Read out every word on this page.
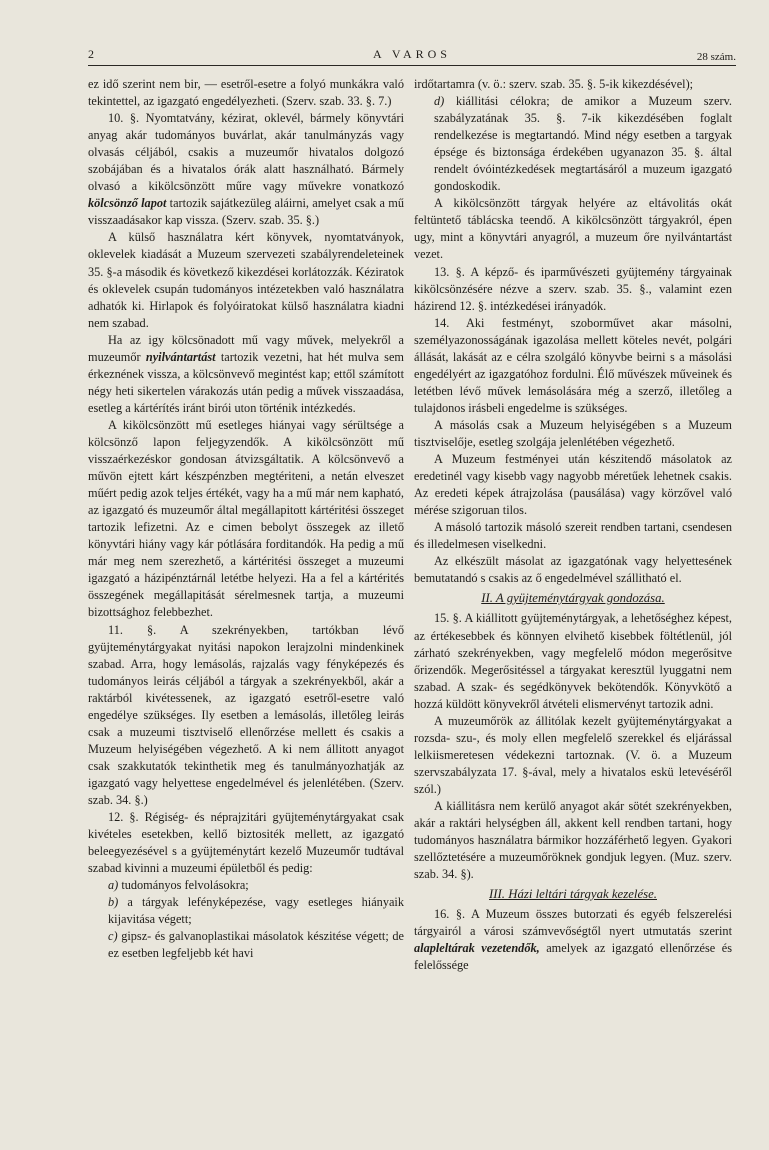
2	A VAROS	28 szám.

ez idő szerint nem bir, — esetről-esetre a folyó munkákra való tekintettel, az igazgató engedélyezheti. (Szerv. szab. 33. §. 7.)

10. §. Nyomtatvány, kézirat, oklevél, bármely könyvtári anyag akár tudományos buvárlat, akár tanulmányzás vagy olvasás céljából, csakis a muzeumőr hivatalos dolgozó szobájában és a hivatalos órák alatt használható. Bármely olvasó a kikölcsönzött műre vagy művekre vonatkozó kölcsönző lapot tartozik sajátkezüleg aláirni, amelyet csak a mű visszaadásakor kap vissza. (Szerv. szab. 35. §.)

A külső használatra kért könyvek, nyomtatványok, oklevelek kiadását a Muzeum szervezeti szabályrendeleteinek 35. §-a második és következő kikezdései korlátozzák. Kéziratok és oklevelek csupán tudományos intézetekben való használatra adhatók ki. Hirlapok és folyóiratokat külső használatra kiadni nem szabad.

Ha az igy kölcsönadott mű vagy művek, melyekről a muzeumőr nyilvántartást tartozik vezetni, hat hét mulva sem érkeznének vissza, a kölcsönvevő megintést kap; ettől számított négy heti sikertelen várakozás után pedig a művek visszaadása, esetleg a kártérítés iránt birói uton történik intézkedés.

A kikölcsönzött mű esetleges hiányai vagy sérültsége a kölcsönző lapon feljegyzendők. A kikölcsönzött mű visszaérkezéskor gondosan átvizsgáltatik. A kölcsönvevő a művön ejtett kárt készpénzben megtériteni, a netán elveszet műért pedig azok teljes értékét, vagy ha a mű már nem kapható, az igazgató és muzeumőr által megállapitott kártéritési összeget tartozik lefizetni. Az e cimen bebolyt összegek az illető könyvtári hiány vagy kár pótlására forditandók. Ha pedig a mű már meg nem szerezhető, a kártéritési összeget a muzeumi igazgató a házipénztárnál letétbe helyezi. Ha a fel a kártérités összegének megállapitását sérelmesnek tartja, a muzeumi bizottsághoz felebbezhet.

11. §. A szekrényekben, tartókban lévő gyüjteménytárgyakat nyitási napokon lerajzolni mindenkinek szabad. Arra, hogy lemásolás, rajzalás vagy fényképezés és tudományos leirás céljából a tárgyak a szekrényekből, akár a raktárból kivétessenek, az igazgató esetről-esetre való engedélye szükséges. Ily esetben a lemásolás, illetőleg leirás csak a muzeumi tisztviselő ellenőrzése mellett és csakis a Muzeum helyiségében végezhető. A ki nem állitott anyagot csak szakkutatók tekinthetik meg és tanulmányozhatják az igazgató vagy helyettese engedelmével és jelenlétében. (Szerv. szab. 34. §.)

12. §. Régiség- és néprajzitári gyüjteménytárgyakat csak kivételes esetekben, kellő biztositék mellett, az igazgató beleegyezésével s a gyüjteménytárt kezelő Muzeumőr tudtával szabad kivinni a muzeumi épületből és pedig:

a) tudományos felvolásokra;

b) a tárgyak lefényképezése, vagy esetleges hiányaik kijavitása végett;

c) gipsz- és galvanoplastikai másolatok készitése végett; de ez esetben legfeljebb két havi

irdőtartamra (v. ö.: szerv. szab. 35. §. 5-ik kikezdésével);

d) kiállitási célokra; de amikor a Muzeum szerv. szabályzatának 35. §. 7-ik kikezdésében foglalt rendelkezése is megtartandó. Mind négy esetben a targyak épsége és biztonsága érdekében ugyanazon 35. §. által rendelt óvóintézkedések megtartásáról a muzeum igazgató gondoskodik.

A kikölcsönzött tárgyak helyére az eltávolitás okát feltüntető táblácska teendő. A kikölcsönzött tárgyakról, épen ugy, mint a könyvtári anyagról, a muzeum őre nyilvántartást vezet.

13. §. A képző- és iparművészeti gyüjtemény tárgyainak kikölcsönzésére nézve a szerv. szab. 35. §., valamint ezen házirend 12. §. intézkedései irányadók.

14. Aki festményt, szoborművet akar másolni, személyazonosságának igazolása mellett köteles nevét, polgári állását, lakását az e célra szolgáló könyvbe beirni s a másolási engedélyért az igazgatóhoz fordulni. Élő művészek műveinek és letétben lévő művek lemásolására még a szerző, illetőleg a tulajdonos irásbeli engedelme is szükséges.

A másolás csak a Muzeum helyiségében s a Muzeum tisztviselője, esetleg szolgája jelenlétében végezhető.

A Muzeum festményei után készitendő másolatok az eredetinél vagy kisebb vagy nagyobb méretűek lehetnek csakis. Az eredeti képek átrajzolása (pausálása) vagy körzővel való mérése szigoruan tilos.

A másoló tartozik másoló szereit rendben tartani, csendesen és illedelmesen viselkedni.

Az elkészült másolat az igazgatónak vagy helyettesének bemutatandó s csakis az ő engedelmével szállitható el.

II. A gyüjteménytárgyak gondozása.

15. §. A kiállitott gyüjteménytárgyak, a lehetőséghez képest, az értékesebbek és könnyen elvihető kisebbek föltétlenül, jól zárható szekrényekben, vagy megfelelő módon megerősitve őrizendők. Megerősitéssel a tárgyakat keresztül lyuggatni nem szabad. A szak- és segédkönyvek bekötendők. Könyvkötő a hozzá küldött könyvekről átvételi elismervényt tartozik adni.

A muzeumőrök az állitólak kezelt gyüjteménytárgyakat a rozsda- szu-, és moly ellen megfelelő szerekkel és eljárással lelkiismeretesen védekezni tartoznak. (V. ö. a Muzeum szervszabályzata 17. §-ával, mely a hivatalos eskü letevéséről szól.)

A kiállitásra nem kerülő anyagot akár sötét szekrényekben, akár a raktári helységben áll, akkent kell rendben tartani, hogy tudományos használatra bármikor hozzáférhető legyen. Gyakori szellőztetésére a muzeumőröknek gondjuk legyen. (Muz. szerv. szab. 34. §).

III. Házi leltári tárgyak kezelése.

16. §. A Muzeum összes butorzati és egyéb felszerelési tárgyairól a városi számvevőségtől nyert utmutatás szerint alapleltárak vezetendők, amelyek az igazgató ellenőrzése és felelőssége
